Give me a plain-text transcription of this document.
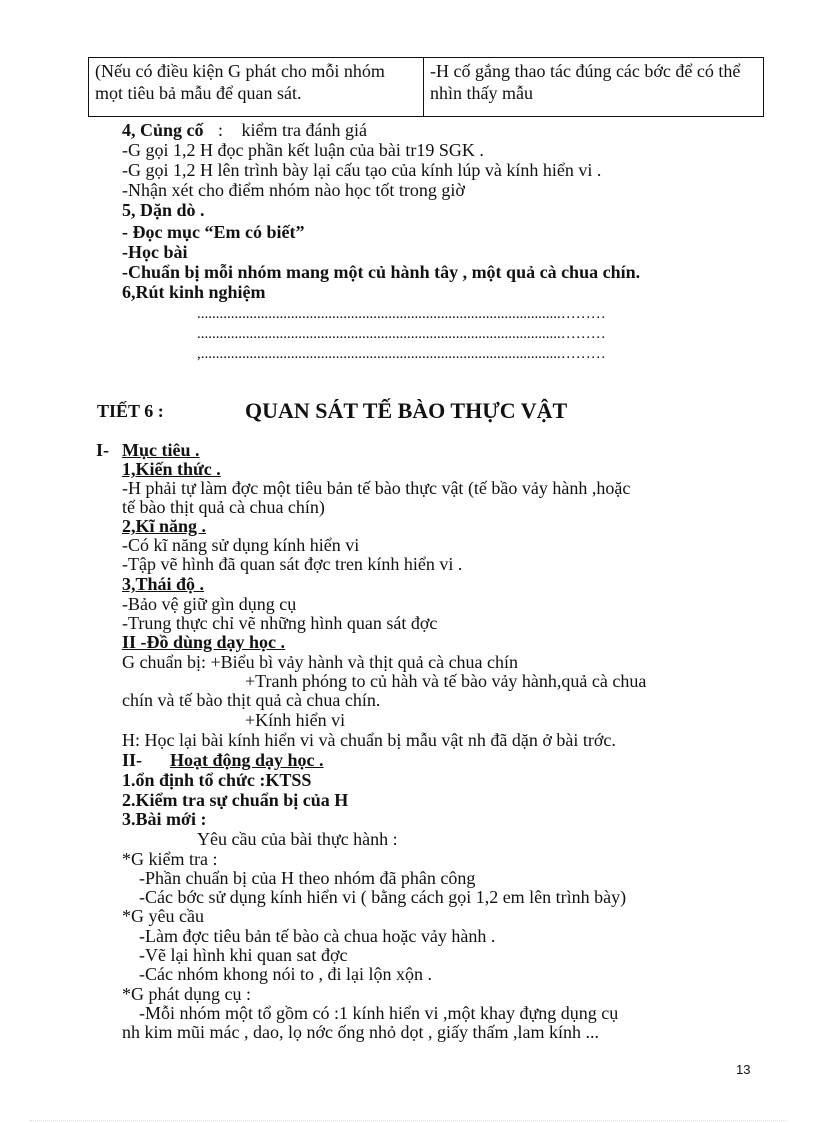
(Nếu có điều kiện G phát cho mỗi nhóm mọt tiêu bả mẫu để quan sát.	-H cố gắng thao tác đúng các bớc để có thể nhìn thấy mẫu
4, Củng cố : kiểm tra đánh giá
-G gọi 1,2 H đọc phần kết luận của bài tr19 SGK .
-G gọi 1,2 H lên trình bày lại cấu tạo của kính lúp và kính hiển vi .
-Nhận xét cho điểm nhóm nào học tốt trong giờ
5, Dặn dò .
- Đọc mục “Em có biết”
-Học bài
-Chuẩn bị mỗi nhóm mang một củ hành tây , một quả cà chua chín.
6,Rút kinh nghiệm
.................................................................................................………
.................................................................................................………
,................................................................................................………
TIẾT 6 :	QUAN SÁT TẾ BÀO THỰC VẬT
I- Mục tiêu .
1,Kiến thức .
-H phải tự làm đợc một tiêu bản tế bào thực vật (tế bầo vảy hành ,hoặc
tế bào thịt quả cà chua chín)
2,Kĩ năng .
-Có kĩ năng sử dụng kính hiển vi
-Tập vẽ hình đã quan sát đợc tren kính hiển vi .
3,Thái độ .
-Bảo vệ giữ gìn dụng cụ
-Trung thực chỉ vẽ những hình quan sát đợc
II -Đồ dùng dạy học .
G chuẩn bị: +Biểu bì vảy hành và thịt quả cà chua chín
+Tranh phóng to củ hàh và tế bào vảy hành,quả cà chua
chín và tế bào thịt quả cà chua chín.
+Kính hiển vi
H: Học lại bài kính hiển vi và chuẩn bị mẫu vật nh đã dặn ở bài trớc.
II- Hoạt động dạy học .
1.ổn định tổ chức :KTSS
2.Kiểm tra sự chuẩn bị của H
3.Bài mới :
Yêu cầu của bài thực hành :
*G kiểm tra :
-Phần chuẩn bị của H theo nhóm đã phân công
-Các bớc sử dụng kính hiển vi ( bằng cách gọi 1,2 em lên trình bày)
*G yêu cầu
-Làm đợc tiêu bản tế bào cà chua hoặc vảy hành .
-Vẽ lại hình khi quan sat đợc
-Các nhóm khong nói to , đi lại lộn xộn .
*G phát dụng cụ :
-Mỗi nhóm một tổ gồm có :1 kính hiển vi ,một khay đựng dụng cụ
nh kim mũi mác , dao, lọ nớc ống nhỏ dọt , giấy thấm ,lam kính ...
13
